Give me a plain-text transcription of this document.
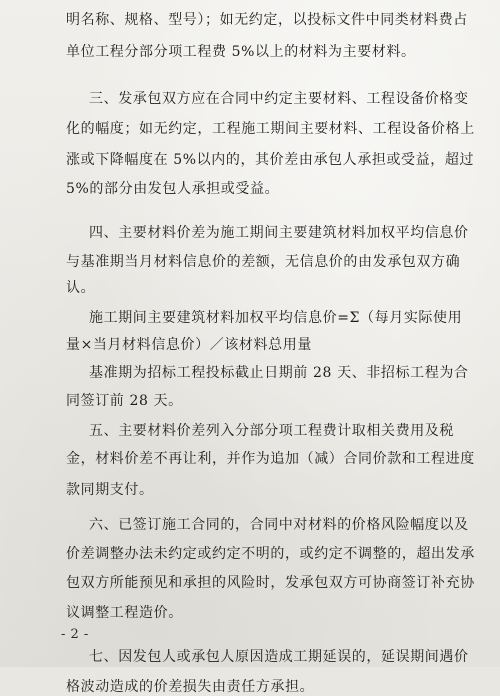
明名称、规格、型号）；如无约定，以投标文件中同类材料费占
单位工程分部分项工程费 5%以上的材料为主要材料。
三、发承包双方应在合同中约定主要材料、工程设备价格变
化的幅度；如无约定，工程施工期间主要材料、工程设备价格上
涨或下降幅度在 5%以内的，其价差由承包人承担或受益，超过
5%的部分由发包人承担或受益。
四、主要材料价差为施工期间主要建筑材料加权平均信息价
与基准期当月材料信息价的差额，无信息价的由发承包双方确
认。
施工期间主要建筑材料加权平均信息价=Σ（每月实际使用
量×当月材料信息价）／该材料总用量
基准期为招标工程投标截止日期前 28 天、非招标工程为合
同签订前 28 天。
五、主要材料价差列入分部分项工程费计取相关费用及税
金，材料价差不再让利，并作为追加（减）合同价款和工程进度
款同期支付。
六、已签订施工合同的，合同中对材料的价格风险幅度以及
价差调整办法未约定或约定不明的，或约定不调整的，超出发承
包双方所能预见和承担的风险时，发承包双方可协商签订补充协
议调整工程造价。
七、因发包人或承包人原因造成工期延误的，延误期间遇价
格波动造成的价差损失由责任方承担。
- 2 -
